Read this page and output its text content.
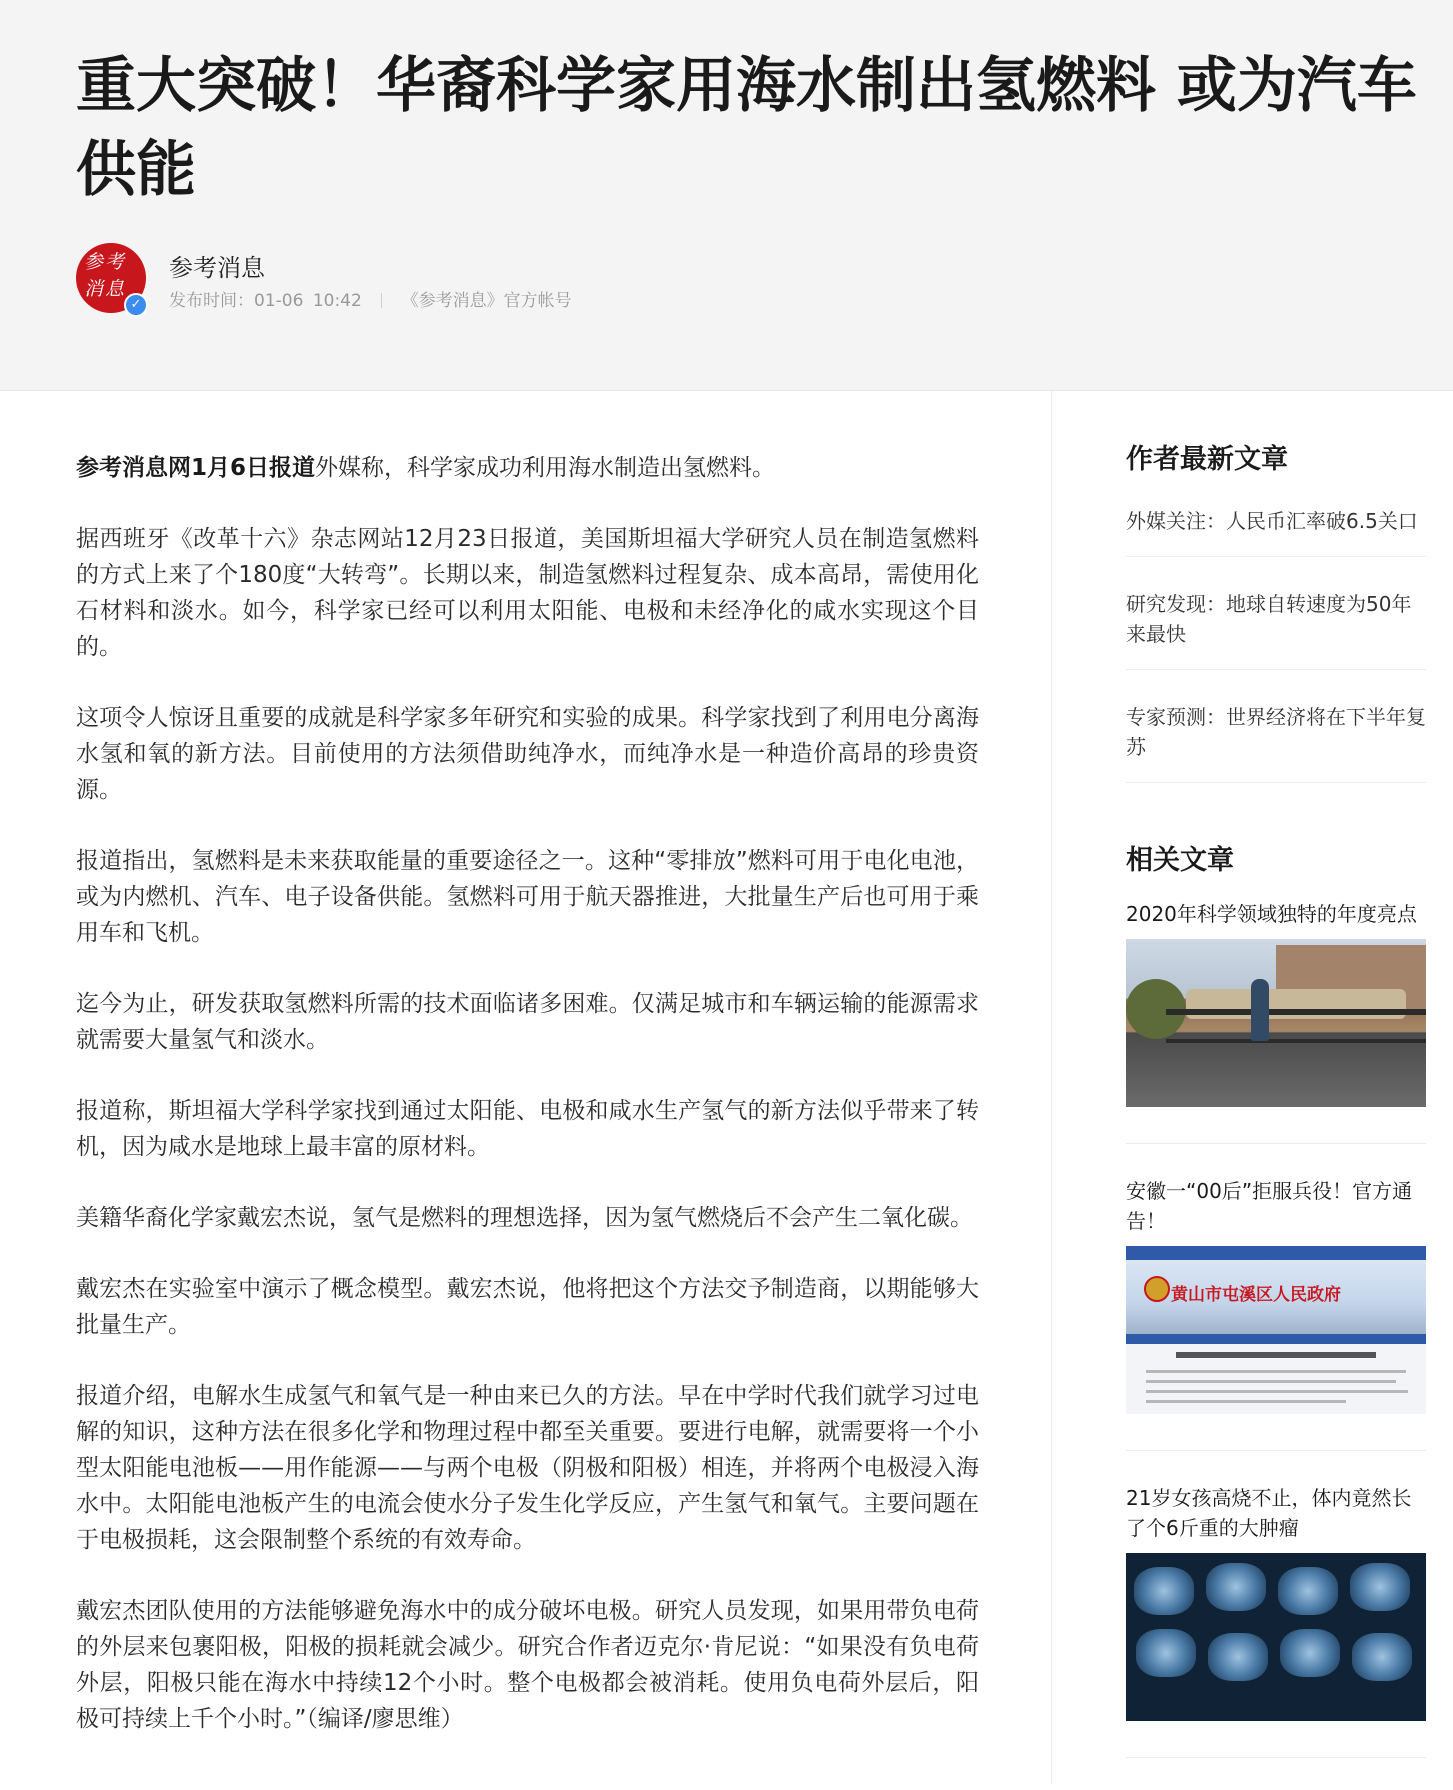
重大突破！华裔科学家用海水制出氢燃料 或为汽车供能
参考消息
✓
参考消息
发布时间：01-06 10:42 《参考消息》官方帐号

参考消息网1月6日报道外媒称，科学家成功利用海水制造出氢燃料。

据西班牙《改革十六》杂志网站12月23日报道，美国斯坦福大学研究人员在制造氢燃料的方式上来了个180度“大转弯”。长期以来，制造氢燃料过程复杂、成本高昂，需使用化石材料和淡水。如今，科学家已经可以利用太阳能、电极和未经净化的咸水实现这个目的。

这项令人惊讶且重要的成就是科学家多年研究和实验的成果。科学家找到了利用电分离海水氢和氧的新方法。目前使用的方法须借助纯净水，而纯净水是一种造价高昂的珍贵资源。

报道指出，氢燃料是未来获取能量的重要途径之一。这种“零排放”燃料可用于电化电池，或为内燃机、汽车、电子设备供能。氢燃料可用于航天器推进，大批量生产后也可用于乘用车和飞机。

迄今为止，研发获取氢燃料所需的技术面临诸多困难。仅满足城市和车辆运输的能源需求就需要大量氢气和淡水。

报道称，斯坦福大学科学家找到通过太阳能、电极和咸水生产氢气的新方法似乎带来了转机，因为咸水是地球上最丰富的原材料。

美籍华裔化学家戴宏杰说，氢气是燃料的理想选择，因为氢气燃烧后不会产生二氧化碳。

戴宏杰在实验室中演示了概念模型。戴宏杰说，他将把这个方法交予制造商，以期能够大批量生产。

报道介绍，电解水生成氢气和氧气是一种由来已久的方法。早在中学时代我们就学习过电解的知识，这种方法在很多化学和物理过程中都至关重要。要进行电解，就需要将一个小型太阳能电池板——用作能源——与两个电极（阴极和阳极）相连，并将两个电极浸入海水中。太阳能电池板产生的电流会使水分子发生化学反应，产生氢气和氧气。主要问题在于电极损耗，这会限制整个系统的有效寿命。

戴宏杰团队使用的方法能够避免海水中的成分破坏电极。研究人员发现，如果用带负电荷的外层来包裹阳极，阳极的损耗就会减少。研究合作者迈克尔·肯尼说：“如果没有负电荷外层，阳极只能在海水中持续12个小时。整个电极都会被消耗。使用负电荷外层后，阳极可持续上千个小时。”（编译/廖思维）

作者最新文章
外媒关注：人民币汇率破6.5关口
研究发现：地球自转速度为50年来最快
专家预测：世界经济将在下半年复苏
相关文章
2020年科学领域独特的年度亮点
安徽一“00后”拒服兵役！官方通告！
黄山市屯溪区人民政府
21岁女孩高烧不止，体内竟然长了个6斤重的大肿瘤
